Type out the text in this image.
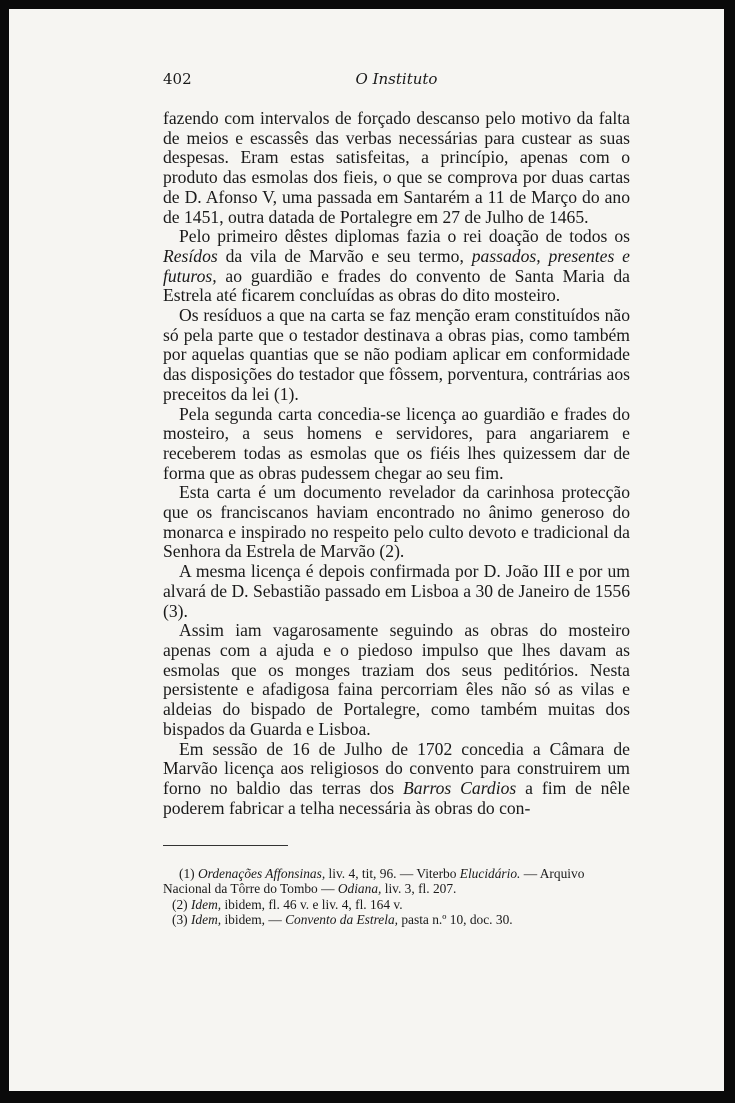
402	O Instituto

fazendo com intervalos de forçado descanso pelo motivo da falta de meios e escassês das verbas necessárias para custear as suas despesas. Eram estas satisfeitas, a princípio, apenas com o produto das esmolas dos fieis, o que se comprova por duas cartas de D. Afonso V, uma passada em Santarém a 11 de Março do ano de 1451, outra datada de Portalegre em 27 de Julho de 1465.

Pelo primeiro dêstes diplomas fazia o rei doação de todos os Resídos da vila de Marvão e seu termo, passados, presentes e futuros, ao guardião e frades do convento de Santa Maria da Estrela até ficarem concluídas as obras do dito mosteiro.

Os resíduos a que na carta se faz menção eram constituídos não só pela parte que o testador destinava a obras pias, como também por aquelas quantias que se não podiam aplicar em conformidade das disposições do testador que fôssem, porventura, contrárias aos preceitos da lei (1).

Pela segunda carta concedia-se licença ao guardião e frades do mosteiro, a seus homens e servidores, para angariarem e receberem todas as esmolas que os fiéis lhes quizessem dar de forma que as obras pudessem chegar ao seu fim.

Esta carta é um documento revelador da carinhosa protecção que os franciscanos haviam encontrado no ânimo generoso do monarca e inspirado no respeito pelo culto devoto e tradicional da Senhora da Estrela de Marvão (2).

A mesma licença é depois confirmada por D. João III e por um alvará de D. Sebastião passado em Lisboa a 30 de Janeiro de 1556 (3).

Assim iam vagarosamente seguindo as obras do mosteiro apenas com a ajuda e o piedoso impulso que lhes davam as esmolas que os monges traziam dos seus peditórios. Nesta persistente e afadigosa faina percorriam êles não só as vilas e aldeias do bispado de Portalegre, como também muitas dos bispados da Guarda e Lisboa.

Em sessão de 16 de Julho de 1702 concedia a Câmara de Marvão licença aos religiosos do convento para construirem um forno no baldio das terras dos Barros Cardios a fim de nêle poderem fabricar a telha necessária às obras do con-

(1) Ordenações Affonsinas, liv. 4, tit, 96. — Viterbo Elucidário. — Arquivo Nacional da Tôrre do Tombo — Odiana, liv. 3, fl. 207.

(2) Idem, ibidem, fl. 46 v. e liv. 4, fl. 164 v.

(3) Idem, ibidem, — Convento da Estrela, pasta n.º 10, doc. 30.
